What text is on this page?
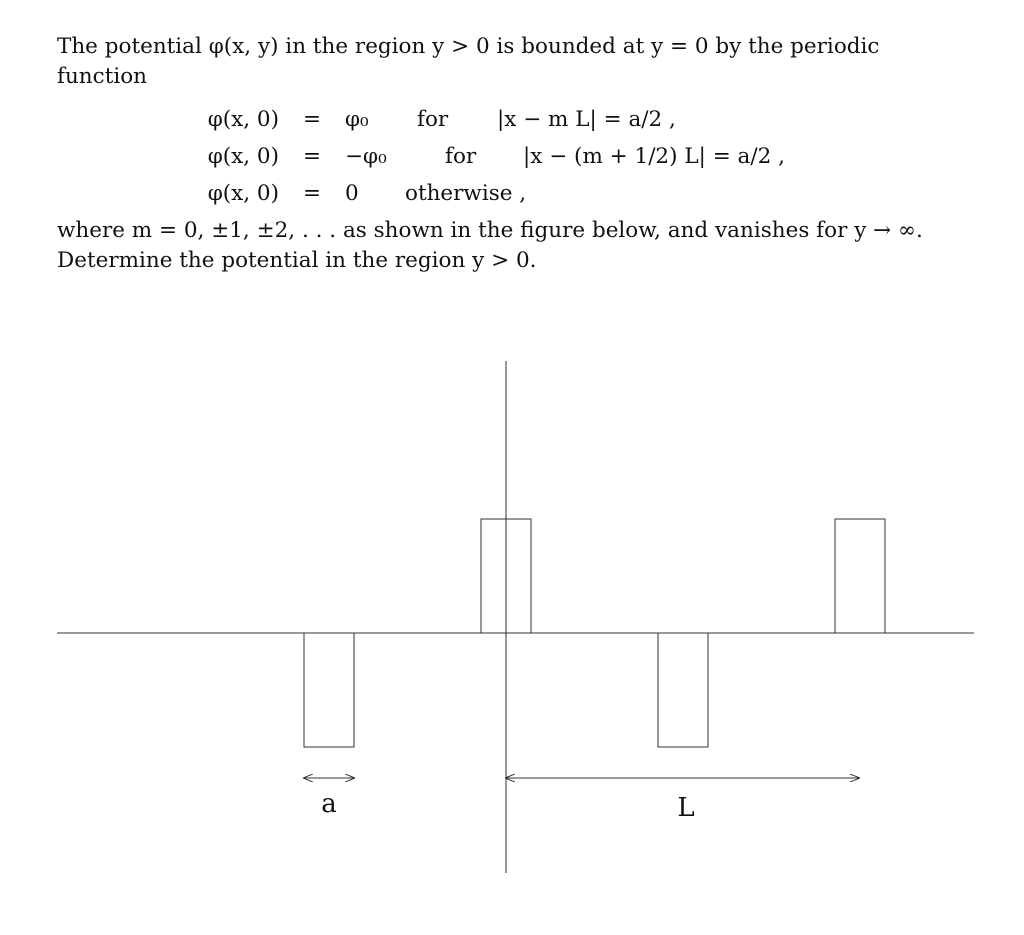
The potential φ(x, y) in the region y > 0 is bounded at y = 0 by the periodic
function
φ(x, 0)	=	φ₀	for	|x − m L| = a/2 ,
φ(x, 0)	=	−φ₀	for	|x − (m + 1/2) L| = a/2 ,
φ(x, 0)	=	0	otherwise ,
where m = 0, ±1, ±2, . . . as shown in the figure below, and vanishes for y → ∞.
Determine the potential in the region y > 0.
a	L
